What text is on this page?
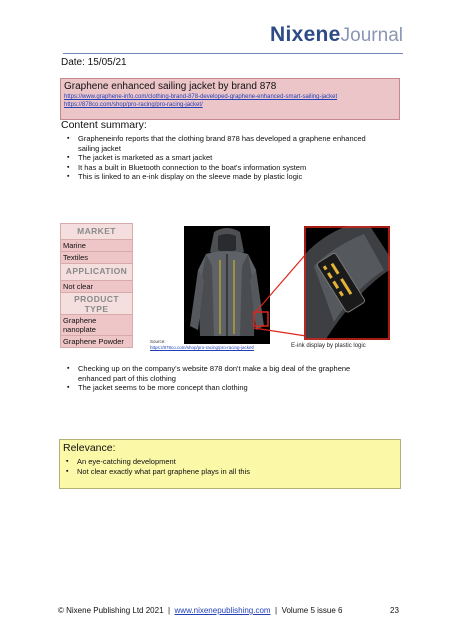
NixeneJournal
Date: 15/05/21
Graphene enhanced sailing jacket by brand 878
https://www.graphene-info.com/clothing-brand-878-developed-graphene-enhanced-smart-sailing-jacket
https://878co.com/shop/pro-racing/pro-racing-jacket/
Content summary:
▪ Grapheneinfo reports that the clothing brand 878 has developed a graphene enhanced sailing jacket
▪ The jacket is marketed as a smart jacket
▪ It has a built in Bluetooth connection to the boat's information system
▪ This is linked to an e-ink display on the sleeve made by plastic logic
MARKET
Marine
Textiles
APPLICATION
Not clear
PRODUCT TYPE
Graphene nanoplate
Graphene Powder	Source:
https://878co.com/shop/pro-racing/pro-racing-jacket/	E-ink display by plastic logic
▪ Checking up on the company's website 878 don't make a big deal of the graphene enhanced part of this clothing
▪ The jacket seems to be more concept than clothing
Relevance:
▪ An eye-catching development
▪ Not clear exactly what part graphene plays in all this
© Nixene Publishing Ltd 2021 | www.nixenepublishing.com | Volume 5 issue 6	23
